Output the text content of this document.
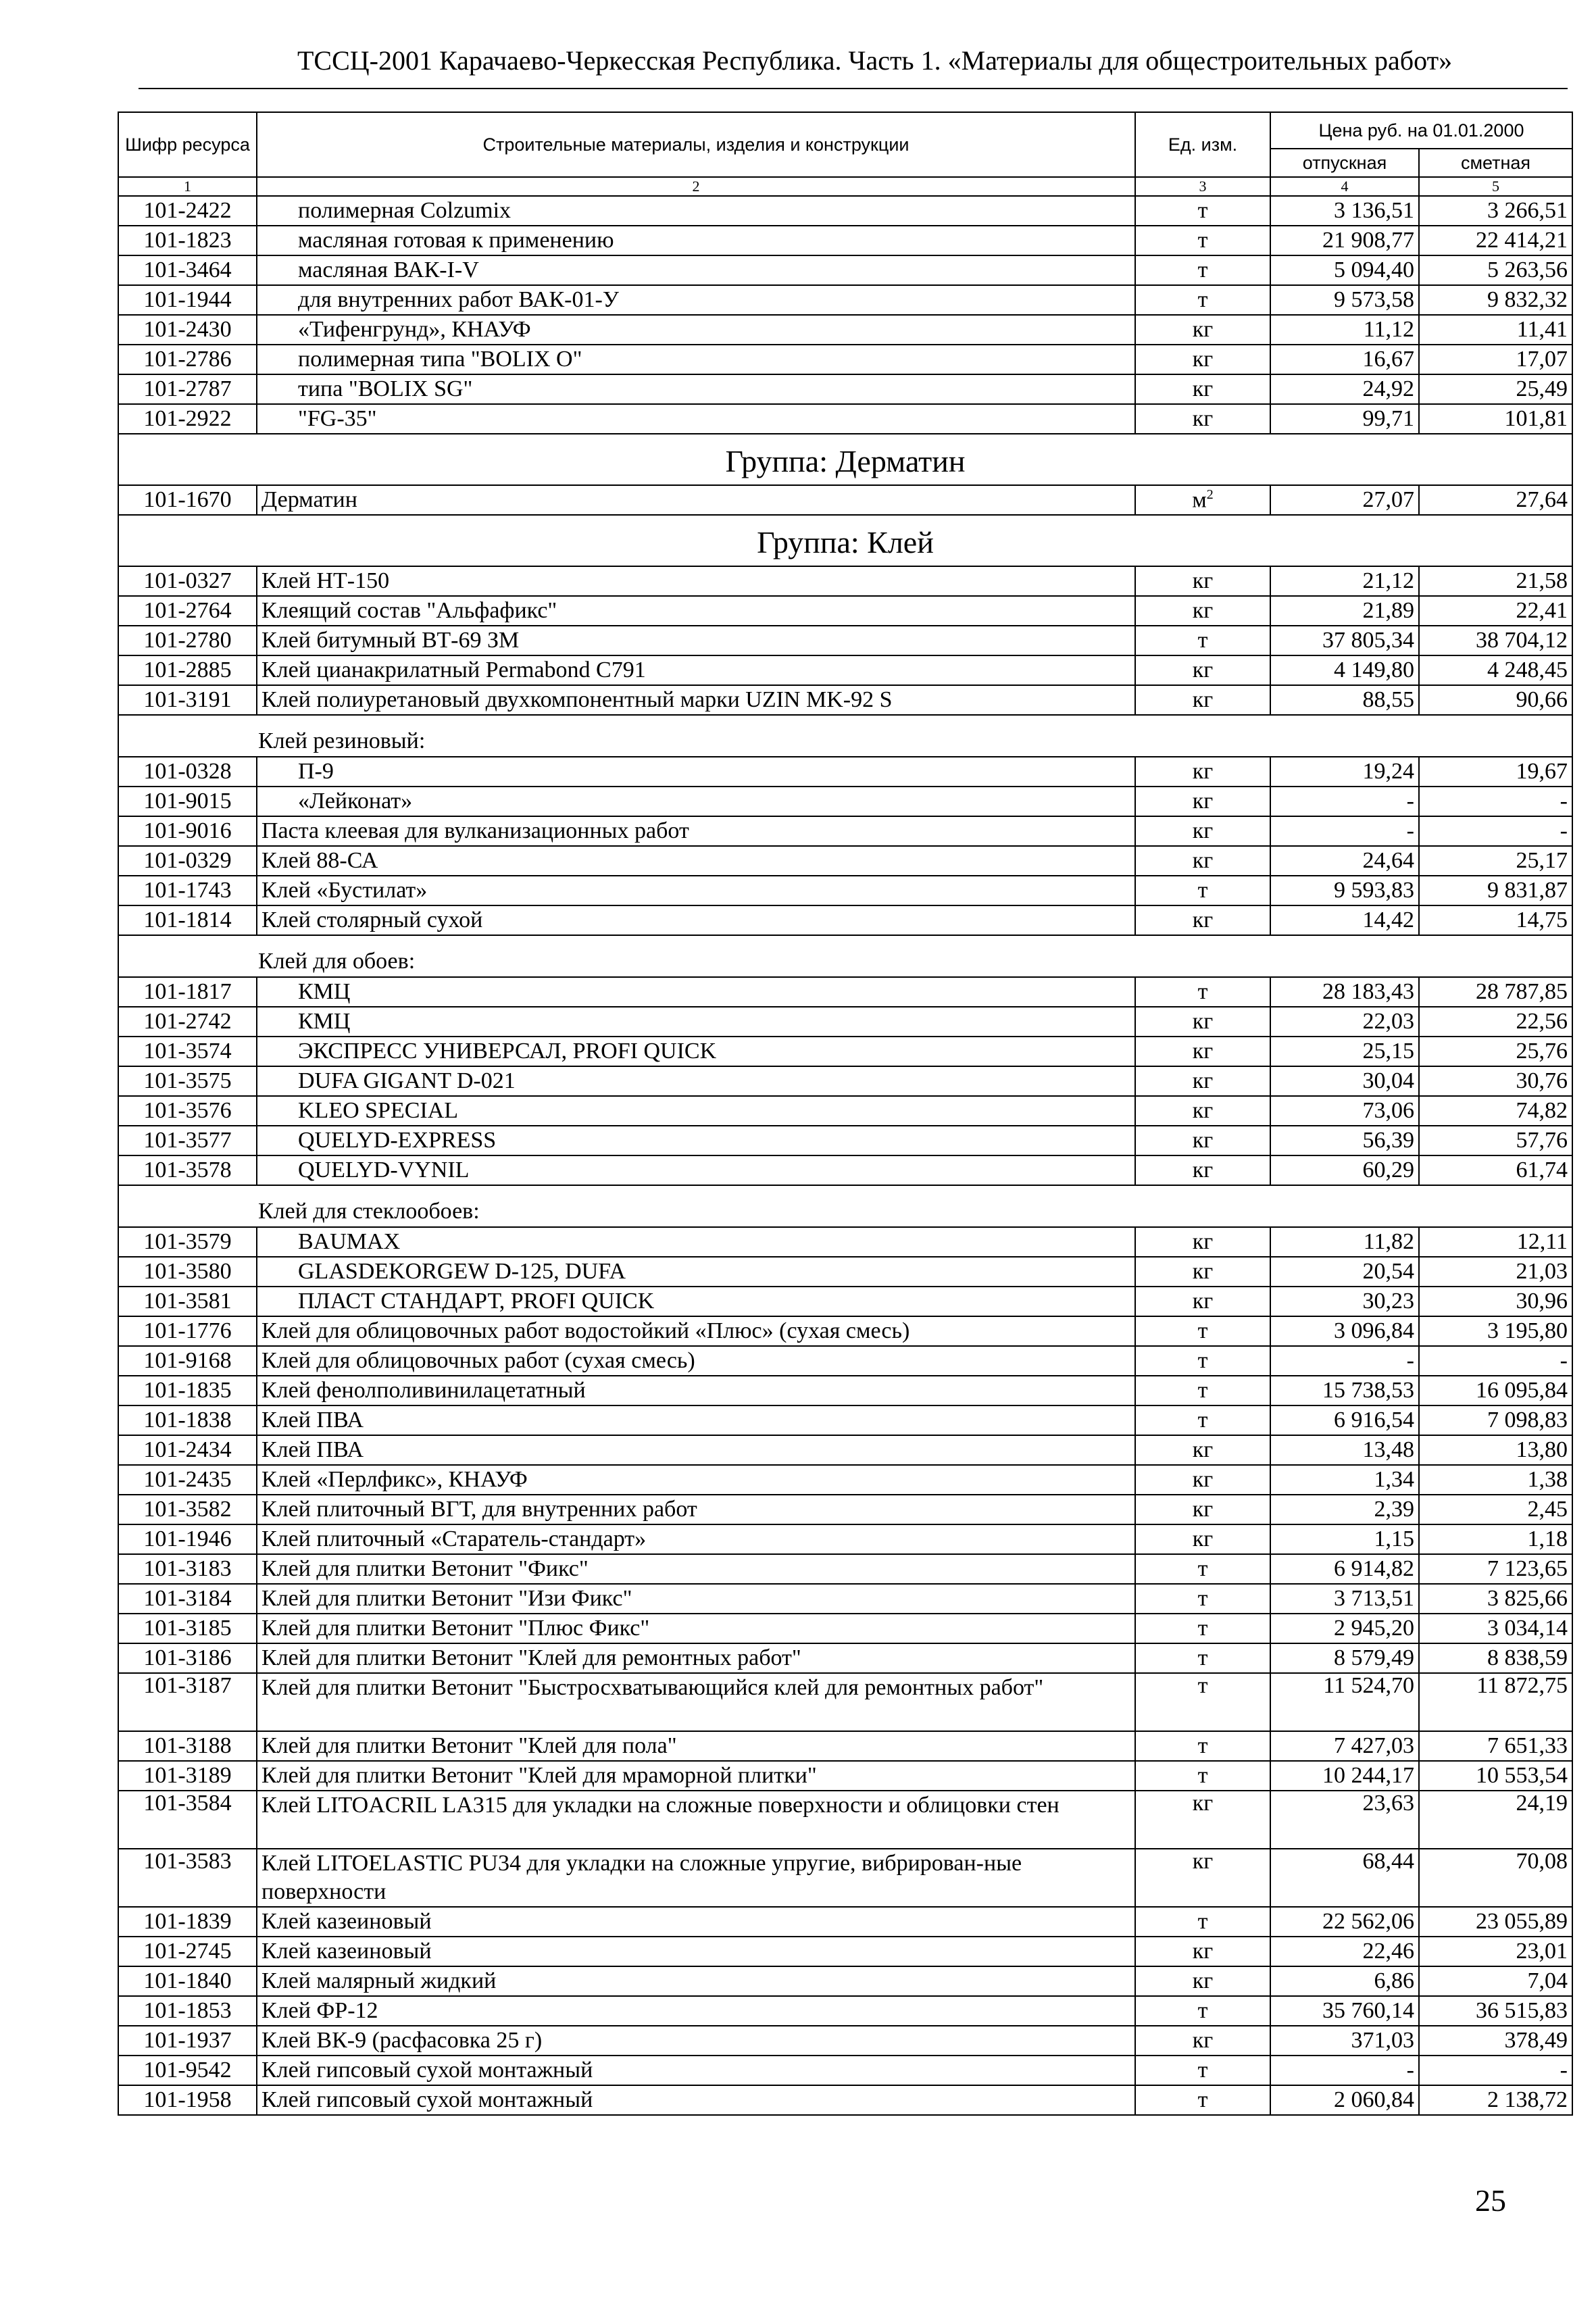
ТССЦ-2001 Карачаево-Черкесская Республика. Часть 1. «Материалы для общестроительных работ»
Шифр ресурса	Строительные материалы, изделия и конструкции	Ед. изм.	Цена руб. на 01.01.2000	
			отпускная	сметная
1	2	3	4	5
101-2422	полимерная Colzumix	т	3 136,51	3 266,51
101-1823	масляная готовая к применению	т	21 908,77	22 414,21
101-3464	масляная ВАК-I-V	т	5 094,40	5 263,56
101-1944	для внутренних работ ВАК-01-У	т	9 573,58	9 832,32
101-2430	«Тифенгрунд», КНАУФ	кг	11,12	11,41
101-2786	полимерная типа "BOLIX O"	кг	16,67	17,07
101-2787	типа "BOLIX SG"	кг	24,92	25,49
101-2922	"FG-35"	кг	99,71	101,81
Группа: Дерматин				
101-1670	Дерматин	$м^2$	27,07	27,64
Группа: Клей				
101-0327	Клей НТ-150	кг	21,12	21,58
101-2764	Клеящий состав "Альфафикс"	кг	21,89	22,41
101-2780	Клей битумный ВТ-69 ЗМ	т	37 805,34	38 704,12
101-2885	Клей цианакрилатный Permabond C791	кг	4 149,80	4 248,45
101-3191	Клей полиуретановый двухкомпонентный марки UZIN MK-92 S	кг	88,55	90,66
Клей резиновый:				
101-0328	П-9	кг	19,24	19,67
101-9015	«Лейконат»	кг	-	-
101-9016	Паста клеевая для вулканизационных работ	кг	-	-
101-0329	Клей 88-СА	кг	24,64	25,17
101-1743	Клей «Бустилат»	т	9 593,83	9 831,87
101-1814	Клей столярный сухой	кг	14,42	14,75
Клей для обоев:				
101-1817	КМЦ	т	28 183,43	28 787,85
101-2742	КМЦ	кг	22,03	22,56
101-3574	ЭКСПРЕСС УНИВЕРСАЛ, PROFI QUICK	кг	25,15	25,76
101-3575	DUFA GIGANT D-021	кг	30,04	30,76
101-3576	KLEO SPECIAL	кг	73,06	74,82
101-3577	QUELYD-EXPRESS	кг	56,39	57,76
101-3578	QUELYD-VYNIL	кг	60,29	61,74
Клей для стеклообоев:				
101-3579	BAUMAX	кг	11,82	12,11
101-3580	GLASDEKORGEW D-125, DUFA	кг	20,54	21,03
101-3581	ПЛАСТ СТАНДАРТ, PROFI QUICK	кг	30,23	30,96
101-1776	Клей для облицовочных работ водостойкий «Плюс» (сухая смесь)	т	3 096,84	3 195,80
101-9168	Клей для облицовочных работ (сухая смесь)	т	-	-
101-1835	Клей фенолполивинилацетатный	т	15 738,53	16 095,84
101-1838	Клей ПВА	т	6 916,54	7 098,83
101-2434	Клей ПВА	кг	13,48	13,80
101-2435	Клей «Перлфикс», КНАУФ	кг	1,34	1,38
101-3582	Клей плиточный ВГТ, для внутренних работ	кг	2,39	2,45
101-1946	Клей плиточный «Старатель-стандарт»	кг	1,15	1,18
101-3183	Клей для плитки Ветонит "Фикс"	т	6 914,82	7 123,65
101-3184	Клей для плитки Ветонит "Изи Фикс"	т	3 713,51	3 825,66
101-3185	Клей для плитки Ветонит "Плюс Фикс"	т	2 945,20	3 034,14
101-3186	Клей для плитки Ветонит "Клей для ремонтных работ"	т	8 579,49	8 838,59
101-3187	Клей для плитки Ветонит "Быстросхватывающийся клей для ремонтных работ"	т	11 524,70	11 872,75
101-3188	Клей для плитки Ветонит "Клей для пола"	т	7 427,03	7 651,33
101-3189	Клей для плитки Ветонит "Клей для мраморной плитки"	т	10 244,17	10 553,54
101-3584	Клей LITOACRIL LA315 для укладки на сложные поверхности и облицовки стен	кг	23,63	24,19
101-3583	Клей LITOELASTIC PU34 для укладки на сложные упругие, вибрирован-ные поверхности	кг	68,44	70,08
101-1839	Клей казеиновый	т	22 562,06	23 055,89
101-2745	Клей казеиновый	кг	22,46	23,01
101-1840	Клей малярный жидкий	кг	6,86	7,04
101-1853	Клей ФР-12	т	35 760,14	36 515,83
101-1937	Клей ВК-9 (расфасовка 25 г)	кг	371,03	378,49
101-9542	Клей гипсовый сухой монтажный	т	-	-
101-1958	Клей гипсовый сухой монтажный	т	2 060,84	2 138,72
25
